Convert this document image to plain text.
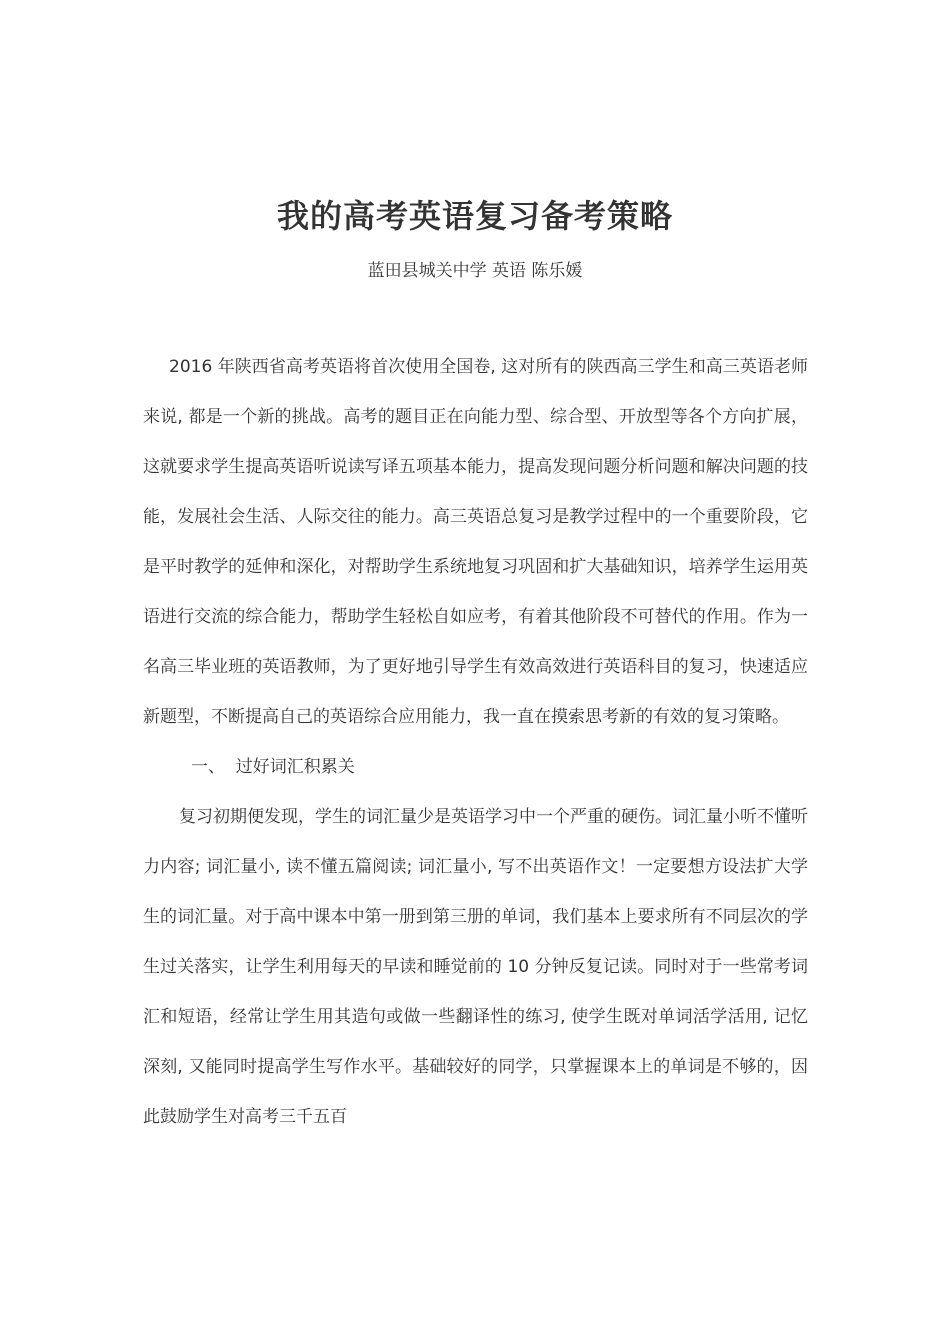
我的高考英语复习备考策略

蓝田县城关中学 英语 陈乐媛

2016 年陕西省高考英语将首次使用全国卷, 这对所有的陕西高三学生和高三英语老师来说, 都是一个新的挑战。高考的题目正在向能力型、综合型、开放型等各个方向扩展，这就要求学生提高英语听说读写译五项基本能力，提高发现问题分析问题和解决问题的技能，发展社会生活、人际交往的能力。高三英语总复习是教学过程中的一个重要阶段，它是平时教学的延伸和深化，对帮助学生系统地复习巩固和扩大基础知识，培养学生运用英语进行交流的综合能力，帮助学生轻松自如应考，有着其他阶段不可替代的作用。作为一名高三毕业班的英语教师，为了更好地引导学生有效高效进行英语科目的复习，快速适应新题型，不断提高自己的英语综合应用能力，我一直在摸索思考新的有效的复习策略。

一、  过好词汇积累关

复习初期便发现，学生的词汇量少是英语学习中一个严重的硬伤。词汇量小听不懂听力内容; 词汇量小, 读不懂五篇阅读; 词汇量小, 写不出英语作文！一定要想方设法扩大学生的词汇量。对于高中课本中第一册到第三册的单词，我们基本上要求所有不同层次的学生过关落实，让学生利用每天的早读和睡觉前的 10 分钟反复记读。同时对于一些常考词汇和短语，经常让学生用其造句或做一些翻译性的练习, 使学生既对单词活学活用, 记忆深刻, 又能同时提高学生写作水平。基础较好的同学，只掌握课本上的单词是不够的，因此鼓励学生对高考三千五百
